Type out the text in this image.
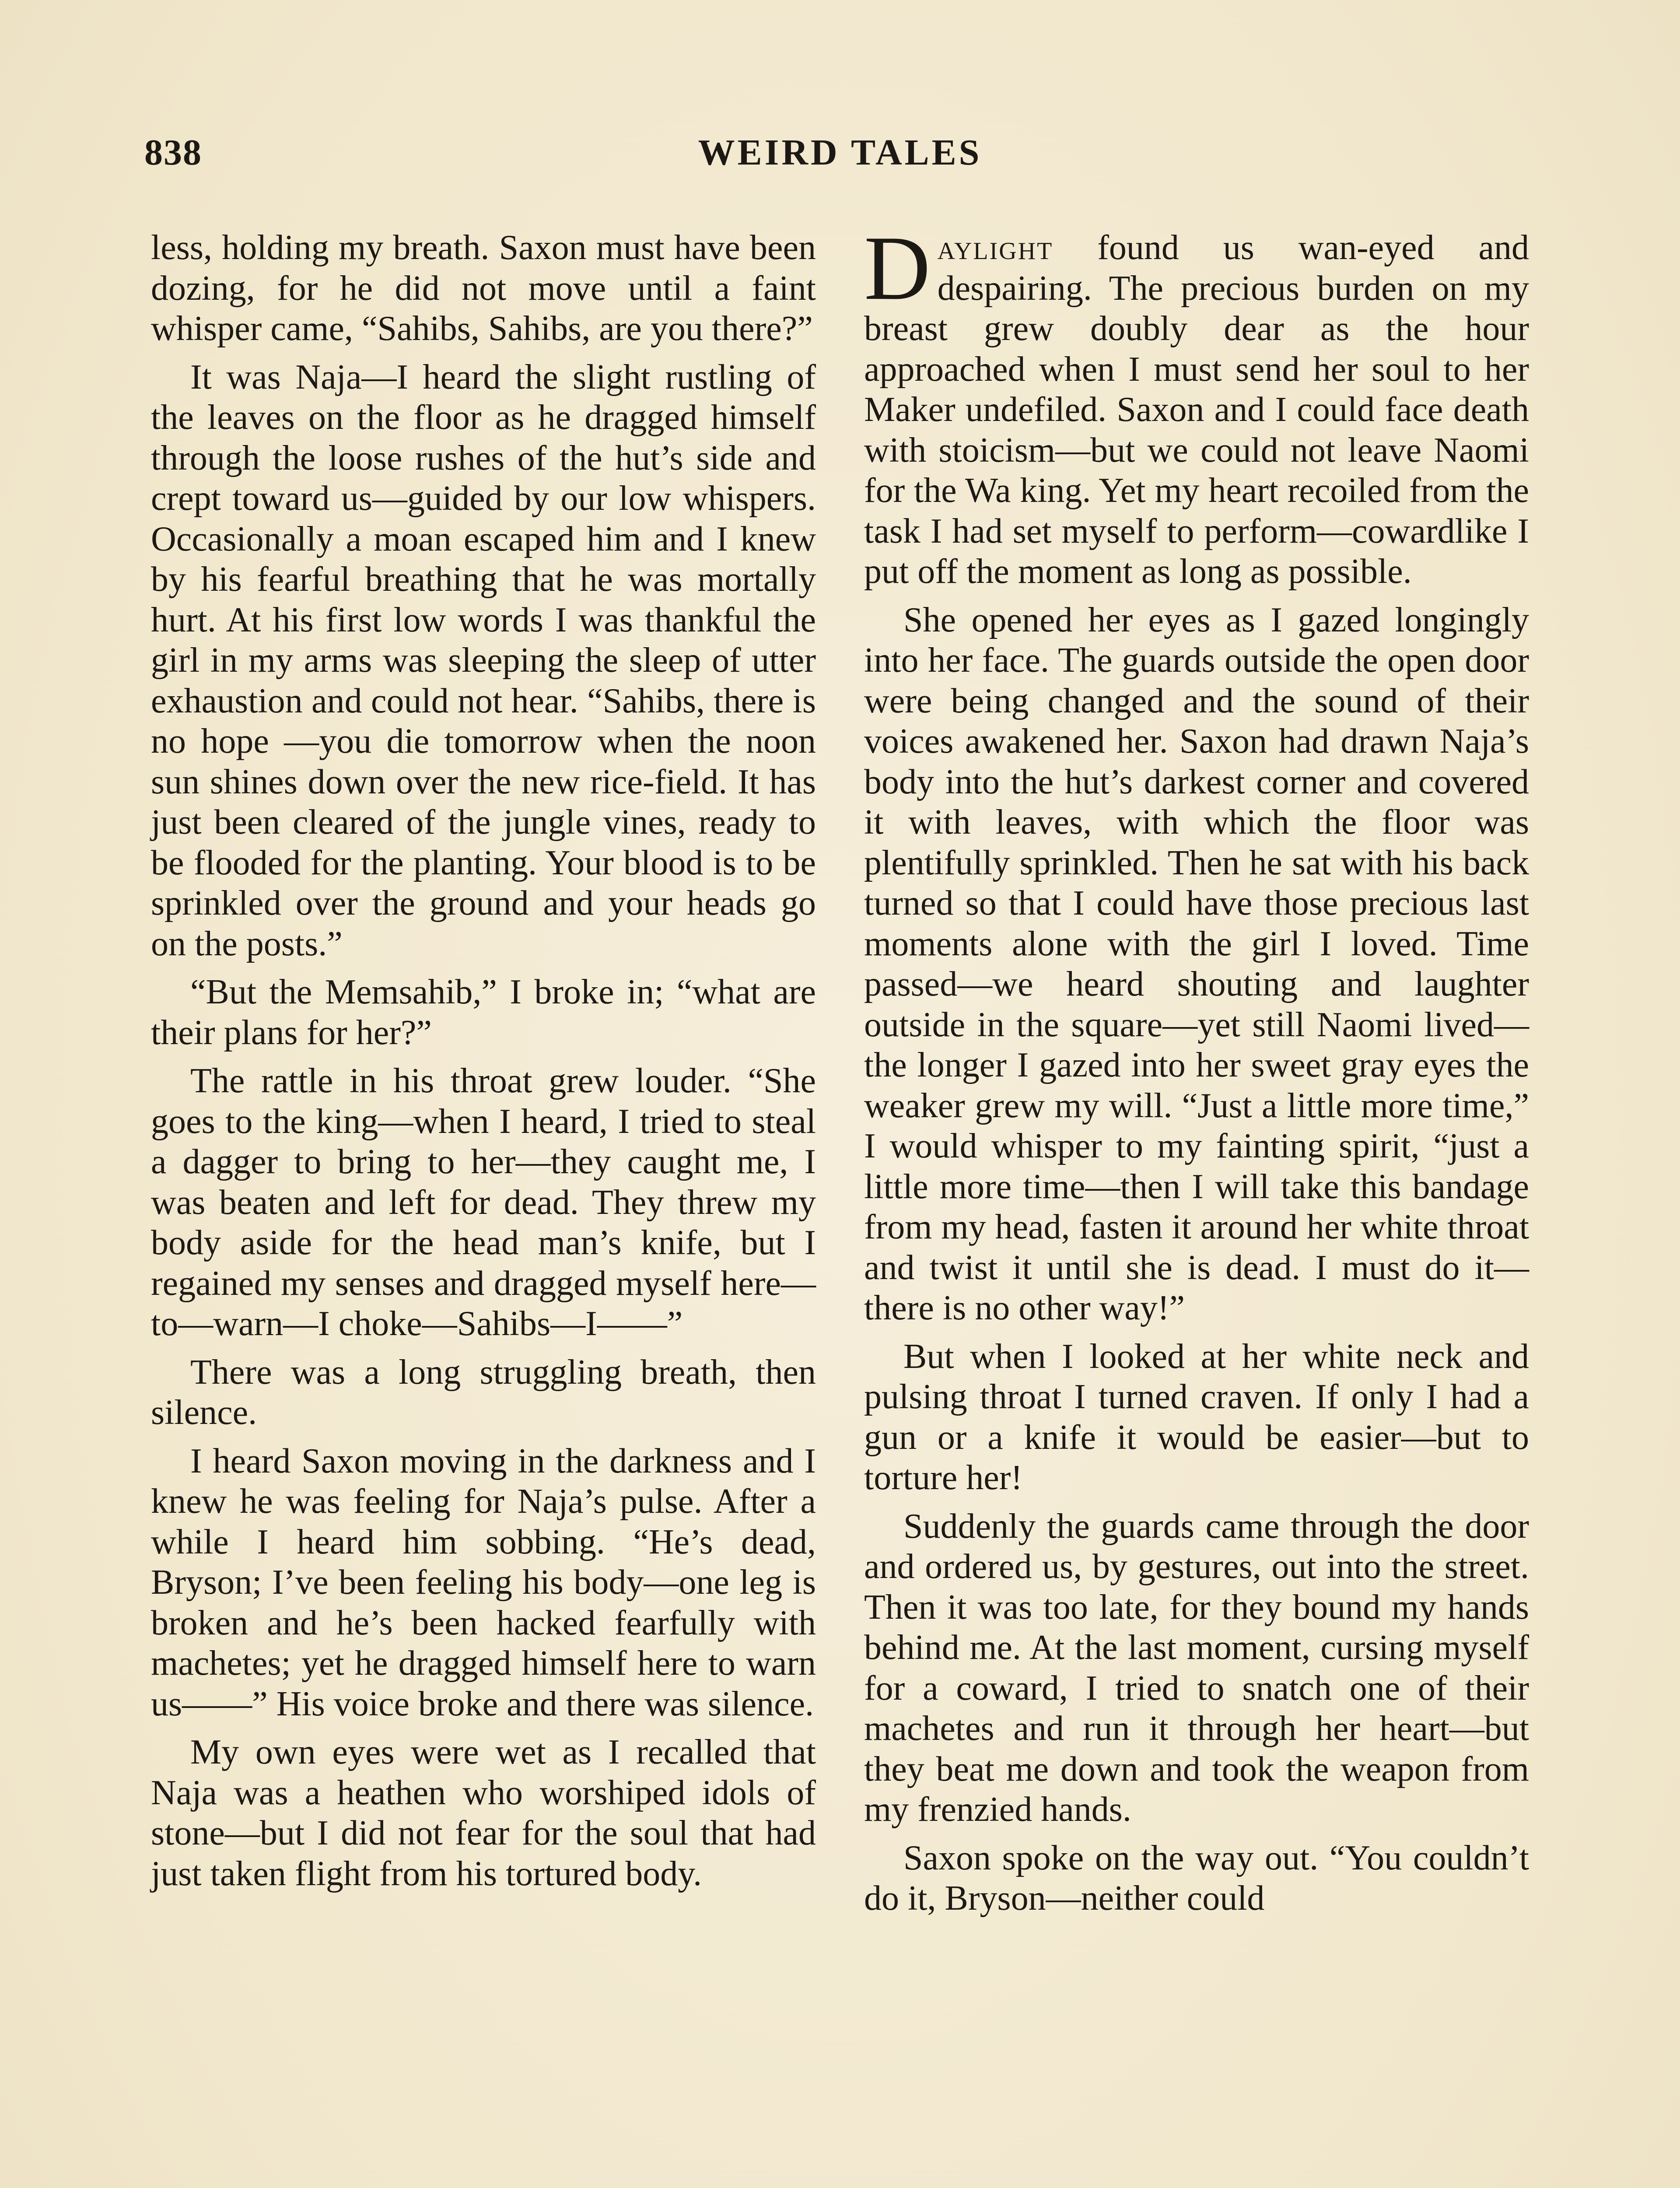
838	WEIRD TALES

less, holding my breath. Saxon must have been dozing, for he did not move until a faint whisper came, “Sahibs, Sahibs, are you there?”

It was Naja—I heard the slight rustling of the leaves on the floor as he dragged himself through the loose rushes of the hut’s side and crept toward us—guided by our low whispers. Occasionally a moan escaped him and I knew by his fearful breathing that he was mortally hurt. At his first low words I was thankful the girl in my arms was sleeping the sleep of utter exhaustion and could not hear. “Sahibs, there is no hope —you die tomorrow when the noon sun shines down over the new rice-field. It has just been cleared of the jungle vines, ready to be flooded for the planting. Your blood is to be sprinkled over the ground and your heads go on the posts.”

“But the Memsahib,” I broke in; “what are their plans for her?”

The rattle in his throat grew louder. “She goes to the king—when I heard, I tried to steal a dagger to bring to her—they caught me, I was beaten and left for dead. They threw my body aside for the head man’s knife, but I regained my senses and dragged myself here—to—warn—I choke—Sahibs—I——”

There was a long struggling breath, then silence.

I heard Saxon moving in the darkness and I knew he was feeling for Naja’s pulse. After a while I heard him sobbing. “He’s dead, Bryson; I’ve been feeling his body—one leg is broken and he’s been hacked fearfully with machetes; yet he dragged himself here to warn us——” His voice broke and there was silence.

My own eyes were wet as I recalled that Naja was a heathen who worshiped idols of stone—but I did not fear for the soul that had just taken flight from his tortured body.

Daylight found us wan-eyed and despairing. The precious burden on my breast grew doubly dear as the hour approached when I must send her soul to her Maker undefiled. Saxon and I could face death with stoicism—but we could not leave Naomi for the Wa king. Yet my heart recoiled from the task I had set myself to perform—cowardlike I put off the moment as long as possible.

She opened her eyes as I gazed longingly into her face. The guards outside the open door were being changed and the sound of their voices awakened her. Saxon had drawn Naja’s body into the hut’s darkest corner and covered it with leaves, with which the floor was plentifully sprinkled. Then he sat with his back turned so that I could have those precious last moments alone with the girl I loved. Time passed—we heard shouting and laughter outside in the square—yet still Naomi lived—the longer I gazed into her sweet gray eyes the weaker grew my will. “Just a little more time,” I would whisper to my fainting spirit, “just a little more time—then I will take this bandage from my head, fasten it around her white throat and twist it until she is dead. I must do it—there is no other way!”

But when I looked at her white neck and pulsing throat I turned craven. If only I had a gun or a knife it would be easier—but to torture her!

Suddenly the guards came through the door and ordered us, by gestures, out into the street. Then it was too late, for they bound my hands behind me. At the last moment, cursing myself for a coward, I tried to snatch one of their machetes and run it through her heart—but they beat me down and took the weapon from my frenzied hands.

Saxon spoke on the way out. “You couldn’t do it, Bryson—neither could
